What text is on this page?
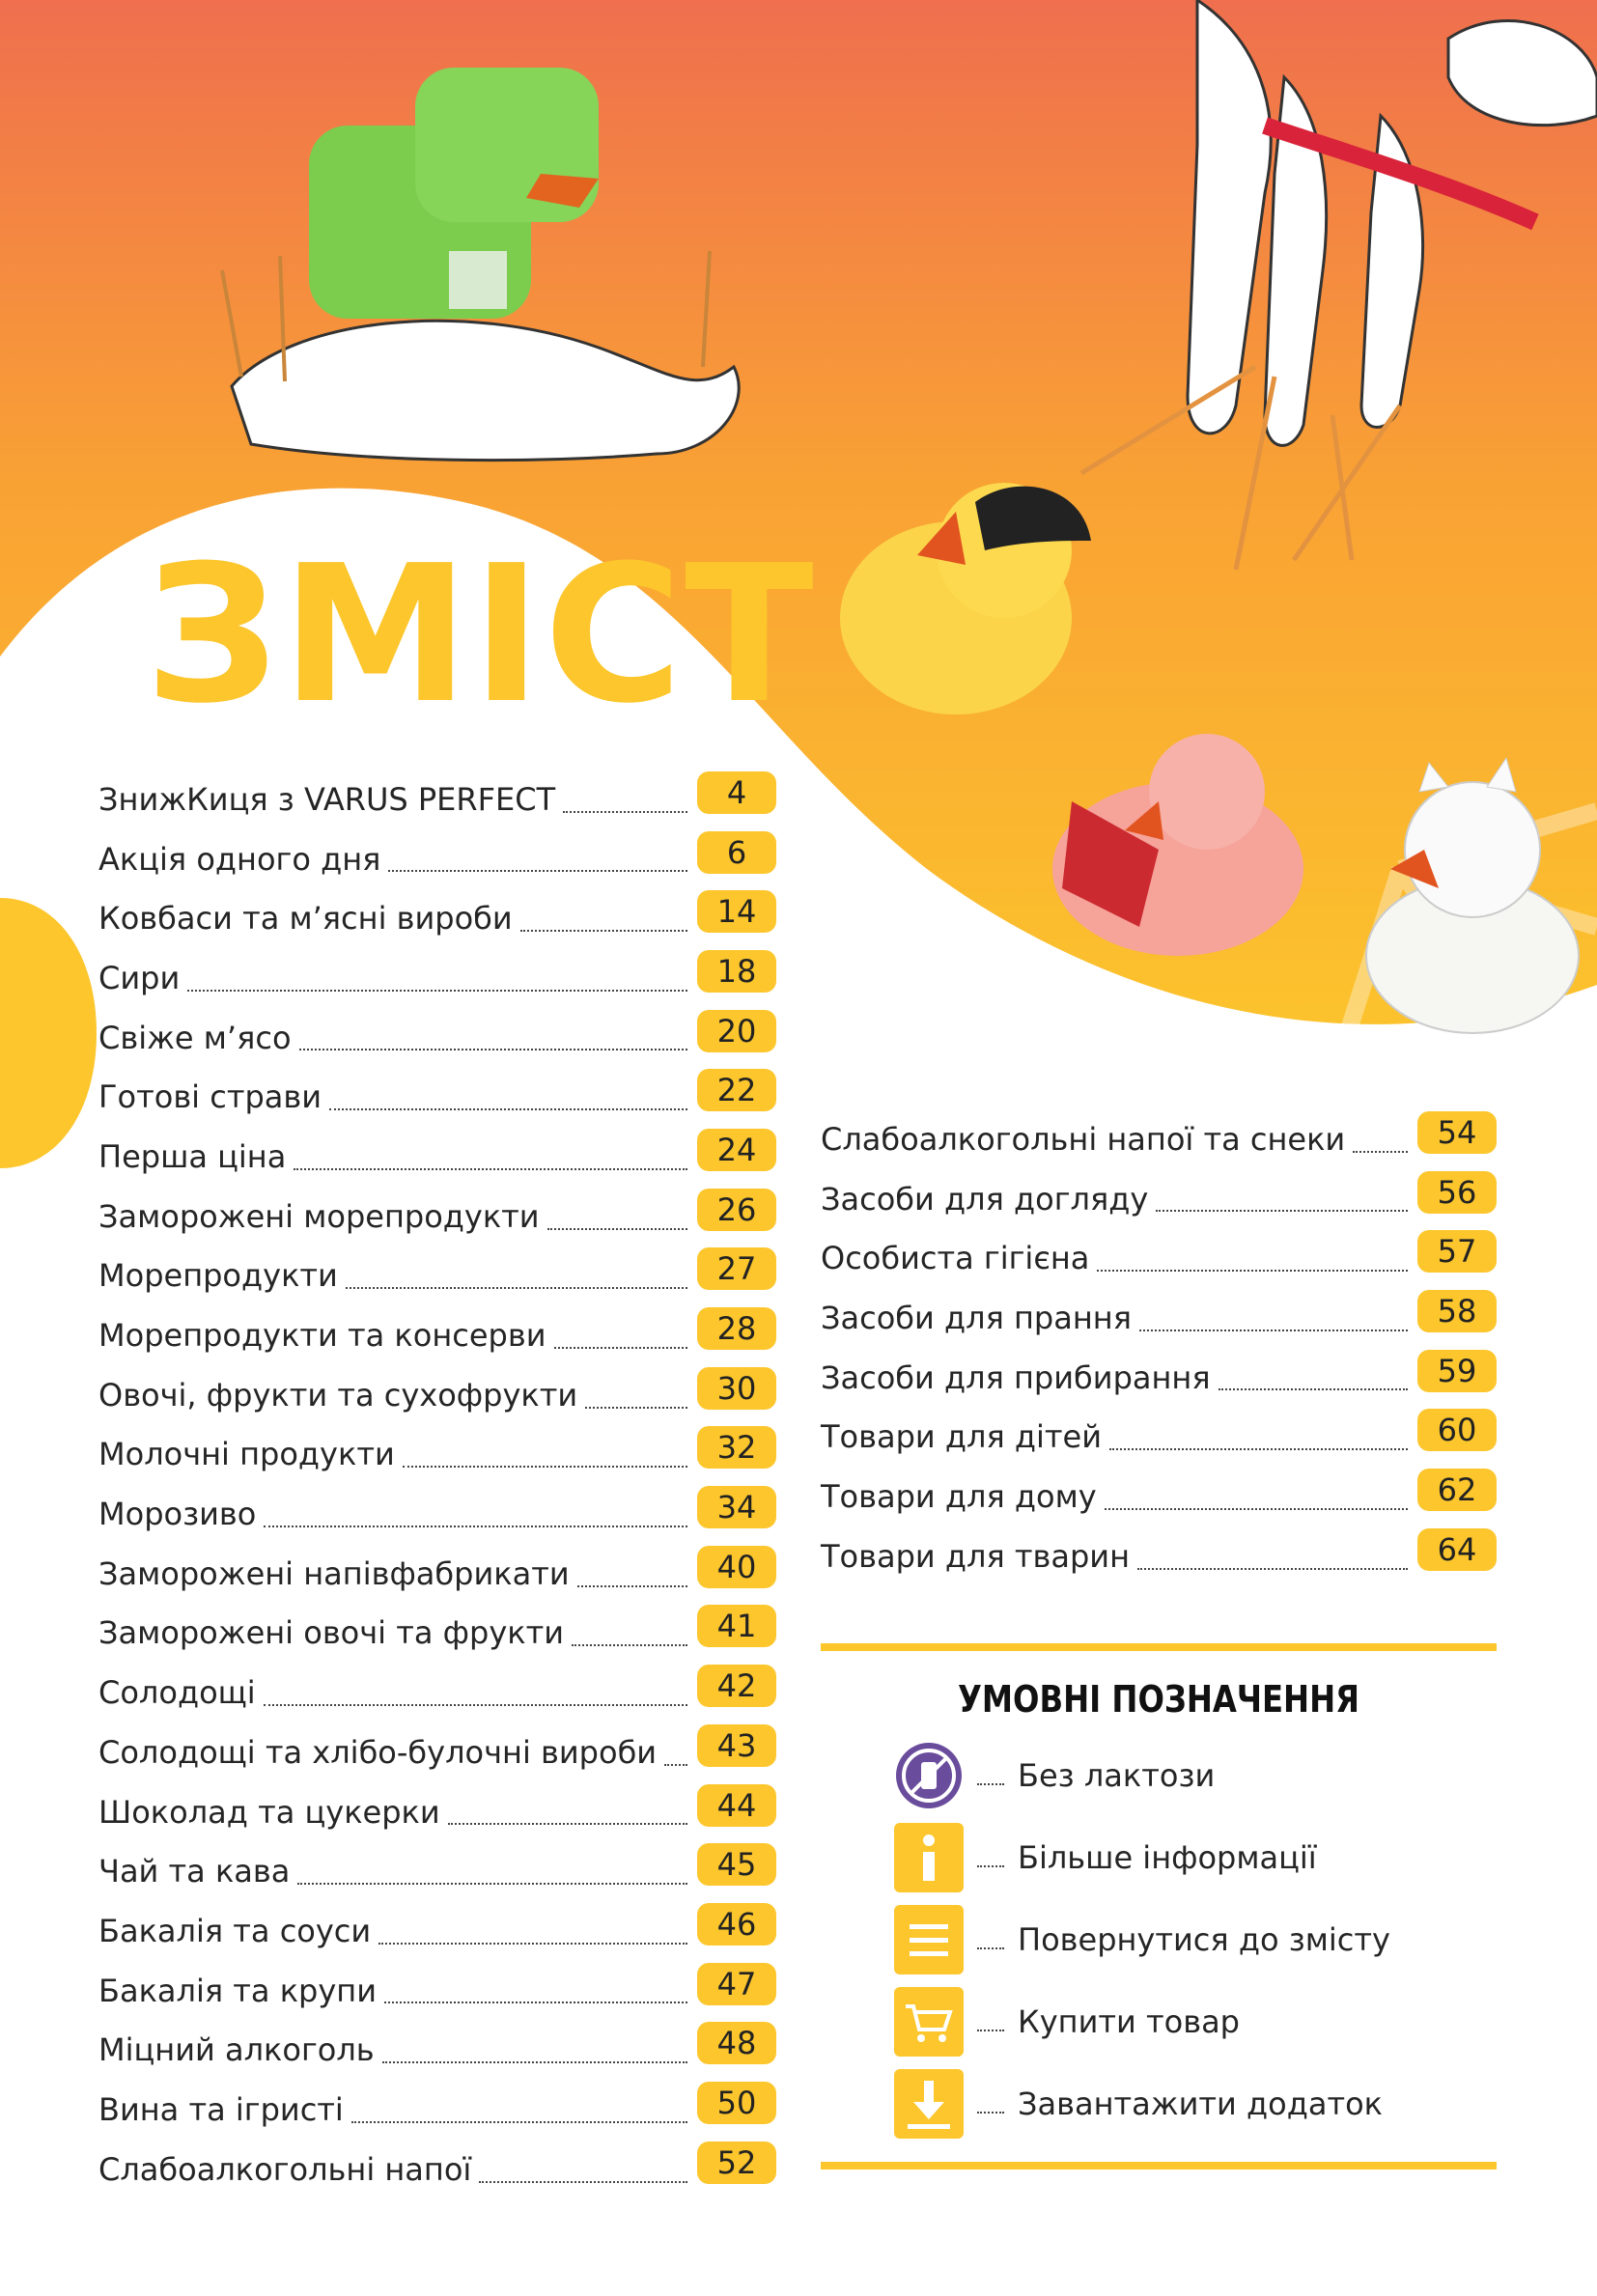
ЗМІСТ
ЗнижКиця з VARUS PERFECT	4
Акція одного дня	6
Ковбаси та м’ясні вироби	14
Сири	18
Свіже м’ясо	20
Готові страви	22
Перша ціна	24
Заморожені морепродукти	26
Морепродукти	27
Морепродукти та консерви	28
Овочі, фрукти та сухофрукти	30
Молочні продукти	32
Морозиво	34
Заморожені напівфабрикати	40
Заморожені овочі та фрукти	41
Солодощі	42
Солодощі та хлібо-булочні вироби	43
Шоколад та цукерки	44
Чай та кава	45
Бакалія та соуси	46
Бакалія та крупи	47
Міцний алкоголь	48
Вина та ігристі	50
Слабоалкогольні напої	52
Слабоалкогольні напої та снеки	54
Засоби для догляду	56
Особиста гігієна	57
Засоби для прання	58
Засоби для прибирання	59
Товари для дітей	60
Товари для дому	62
Товари для тварин	64
УМОВНІ ПОЗНАЧЕННЯ
Без лактози
Більше інформації
Повернутися до змісту
Купити товар
Завантажити додаток
